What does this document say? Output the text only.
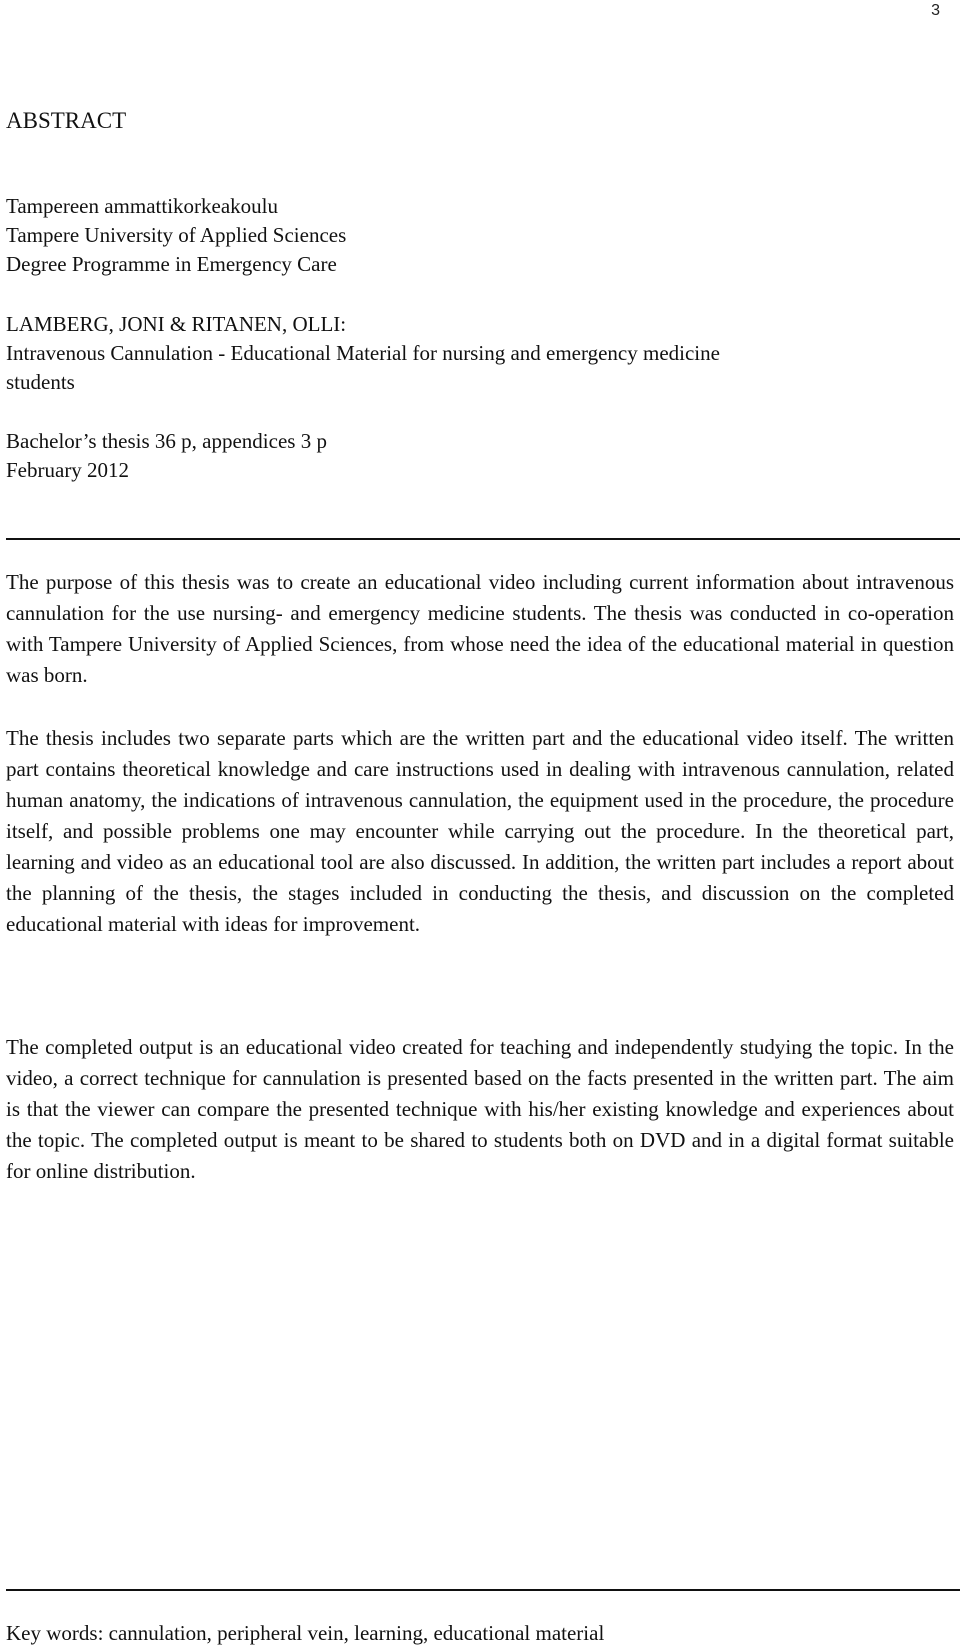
3
ABSTRACT
Tampereen ammattikorkeakoulu
Tampere University of Applied Sciences
Degree Programme in Emergency Care
LAMBERG, JONI & RITANEN, OLLI:
Intravenous Cannulation - Educational Material for nursing and emergency medicine
students
Bachelor’s thesis 36 p, appendices 3 p
February 2012

The purpose of this thesis was to create an educational video including current information about intravenous cannulation for the use nursing- and emergency medicine students. The thesis was conducted in co-operation with Tampere University of Applied Sciences, from whose need the idea of the educational material in question was born.

The thesis includes two separate parts which are the written part and the educational video itself. The written part contains theoretical knowledge and care instructions used in dealing with intravenous cannulation, related human anatomy, the indications of intravenous cannulation, the equipment used in the procedure, the procedure itself, and possible problems one may encounter while carrying out the procedure. In the theoretical part, learning and video as an educational tool are also discussed. In addition, the written part includes a report about the planning of the thesis, the stages included in conducting the thesis, and discussion on the completed educational material with ideas for improvement.

The completed output is an educational video created for teaching and independently studying the topic. In the video, a correct technique for cannulation is presented based on the facts presented in the written part. The aim is that the viewer can compare the presented technique with his/her existing knowledge and experiences about the topic. The completed output is meant to be shared to students both on DVD and in a digital format suitable for online distribution.

Key words: cannulation, peripheral vein, learning, educational material
